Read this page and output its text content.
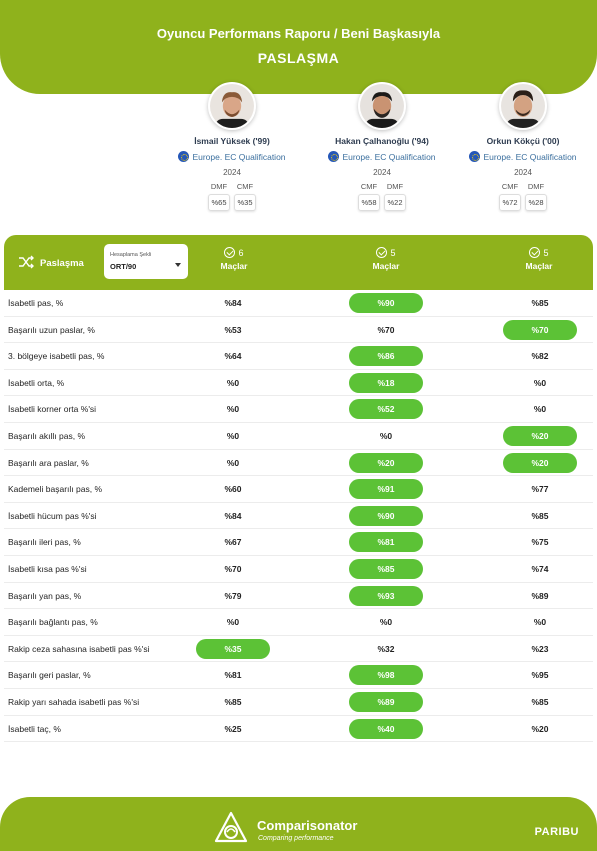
Oyuncu Performans Raporu / Beni Başkasıyla
PASLAŞMA
İsmail Yüksek ('99)
Europe. EC Qualification
2024
DMF
%65
CMF
%35
Hakan Çalhanoğlu ('94)
Europe. EC Qualification
2024
CMF
%58
DMF
%22
Orkun Kökçü ('00)
Europe. EC Qualification
2024
CMF
%72
DMF
%28
Paslaşma
Hesaplama Şekli
ORT/90
6
Maçlar
5
Maçlar
5
Maçlar
İsabetli pas, %	%84	%90	%85
Başarılı uzun paslar, %	%53	%70	%70
3. bölgeye isabetli pas, %	%64	%86	%82
İsabetli orta, %	%0	%18	%0
İsabetli korner orta %'si	%0	%52	%0
Başarılı akıllı pas, %	%0	%0	%20
Başarılı ara paslar, %	%0	%20	%20
Kademeli başarılı pas, %	%60	%91	%77
İsabetli hücum pas %'si	%84	%90	%85
Başarılı ileri pas, %	%67	%81	%75
İsabetli kısa pas %'si	%70	%85	%74
Başarılı yan pas, %	%79	%93	%89
Başarılı bağlantı pas, %	%0	%0	%0
Rakip ceza sahasına isabetli pas %'si	%35	%32	%23
Başarılı geri paslar, %	%81	%98	%95
Rakip yarı sahada isabetli pas %'si	%85	%89	%85
İsabetli taç, %	%25	%40	%20
Comparisonator
Comparing performance
PARIBU
